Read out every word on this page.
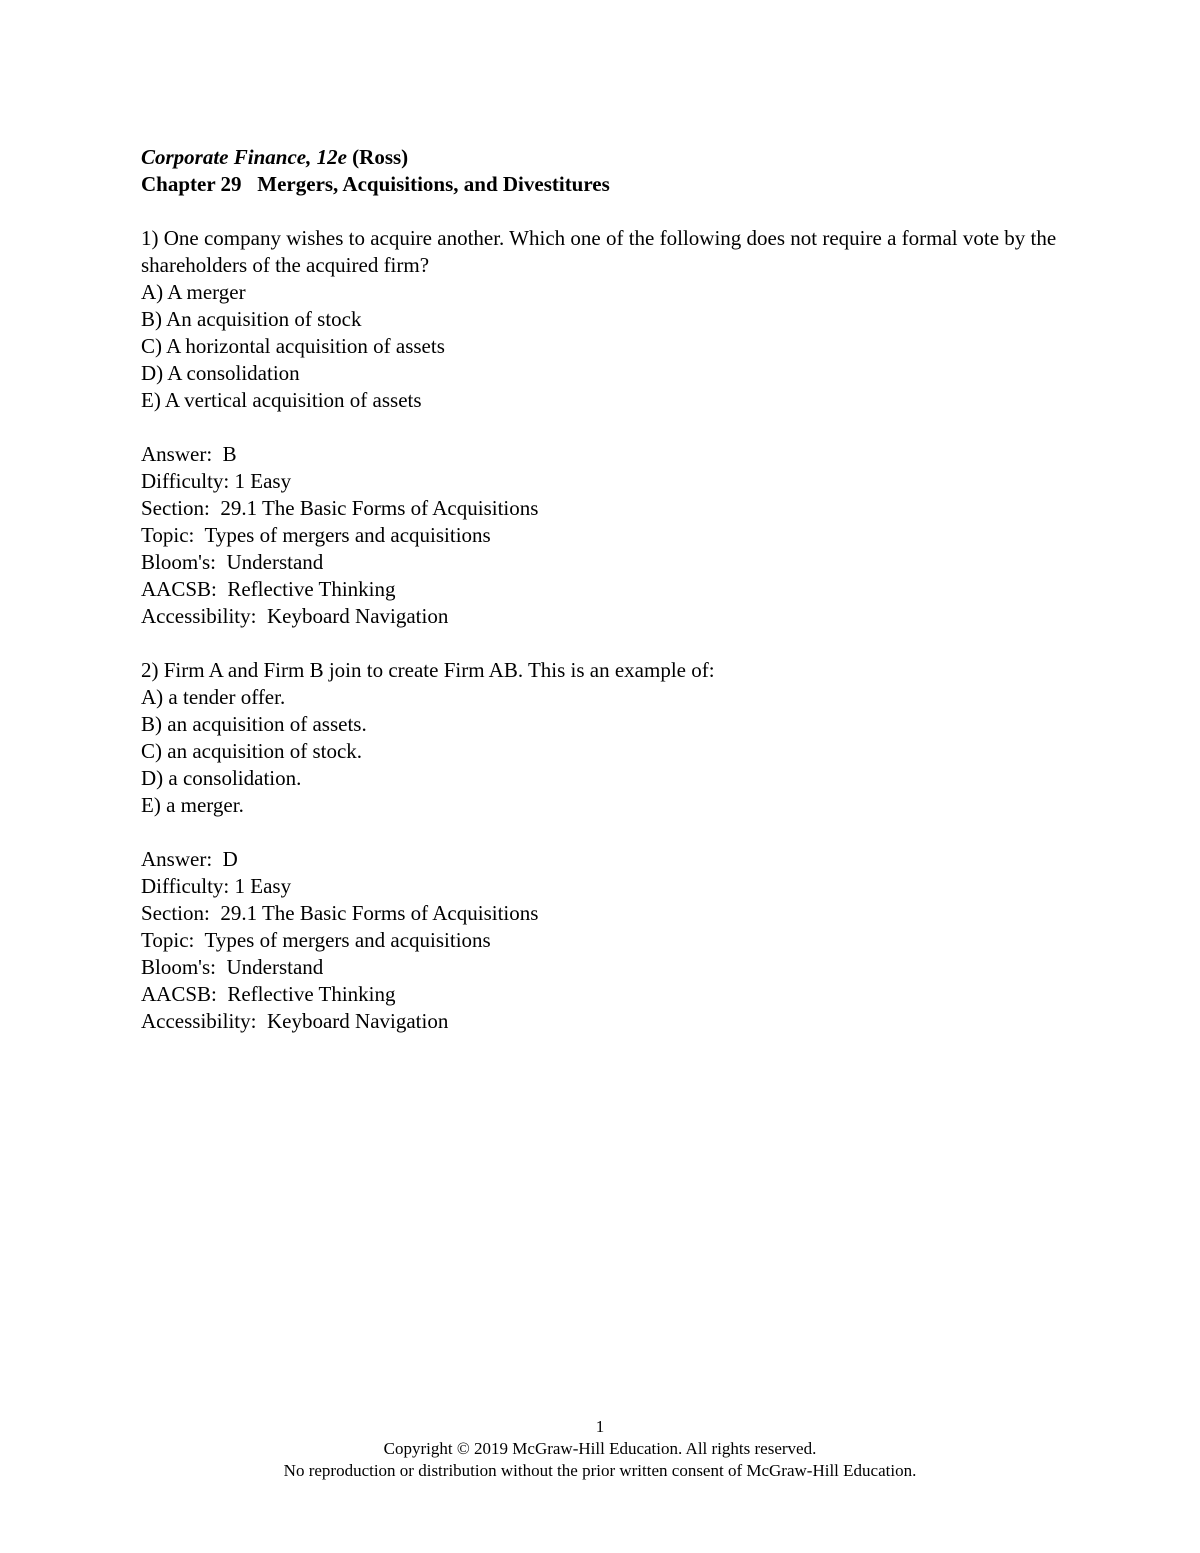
Corporate Finance, 12e (Ross)
Chapter 29 Mergers, Acquisitions, and Divestitures
1) One company wishes to acquire another. Which one of the following does not require a formal vote by the shareholders of the acquired firm?
A) A merger
B) An acquisition of stock
C) A horizontal acquisition of assets
D) A consolidation
E) A vertical acquisition of assets
Answer:  B
Difficulty: 1 Easy
Section:  29.1 The Basic Forms of Acquisitions
Topic:  Types of mergers and acquisitions
Bloom's:  Understand
AACSB:  Reflective Thinking
Accessibility:  Keyboard Navigation
2) Firm A and Firm B join to create Firm AB. This is an example of:
A) a tender offer.
B) an acquisition of assets.
C) an acquisition of stock.
D) a consolidation.
E) a merger.
Answer:  D
Difficulty: 1 Easy
Section:  29.1 The Basic Forms of Acquisitions
Topic:  Types of mergers and acquisitions
Bloom's:  Understand
AACSB:  Reflective Thinking
Accessibility:  Keyboard Navigation
1
Copyright © 2019 McGraw-Hill Education. All rights reserved.
No reproduction or distribution without the prior written consent of McGraw-Hill Education.
